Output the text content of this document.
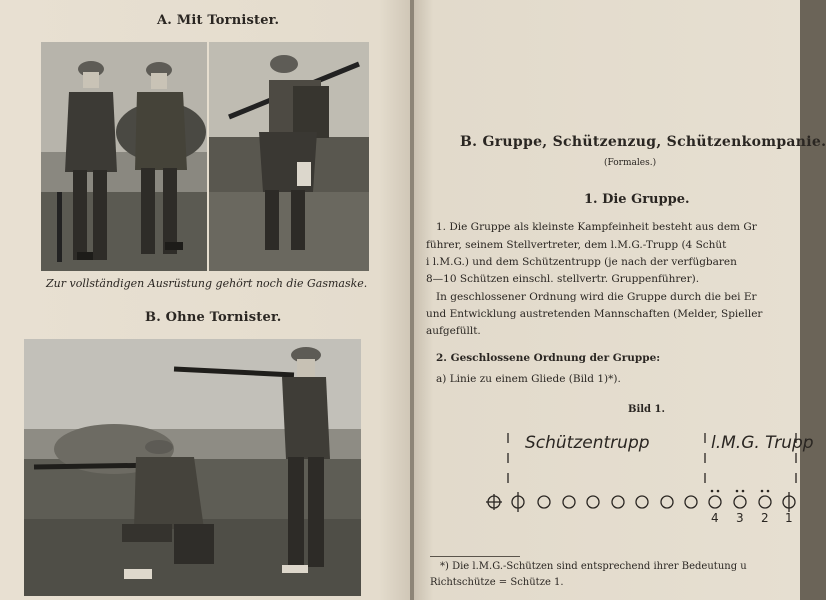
A. Mit Tornister.
Zur vollständigen Ausrüstung gehört noch die Gasmaske.
B. Ohne Tornister.
B. Gruppe, Schützenzug, Schützenkompanie.
(Formales.)
1. Die Gruppe.
1. Die Gruppe als kleinste Kampfeinheit besteht aus dem Gr
führer, seinem Stellvertreter, dem l.M.G.-Trupp (4 Schüt
i l.M.G.) und dem Schützentrupp (je nach der verfügbaren
8—10 Schützen einschl. stellvertr. Gruppenführer).
In geschlossener Ordnung wird die Gruppe durch die bei Er
und Entwicklung austretenden Mannschaften (Melder, Spieller
aufgefüllt.
2. Geschlossene Ordnung der Gruppe:
a) Linie zu einem Gliede (Bild 1)*).
Bild 1.
Schützentrupp	l.M.G. Trupp
4 3 2 1
*) Die l.M.G.-Schützen sind entsprechend ihrer Bedeutung u
Richtschütze = Schütze 1.
